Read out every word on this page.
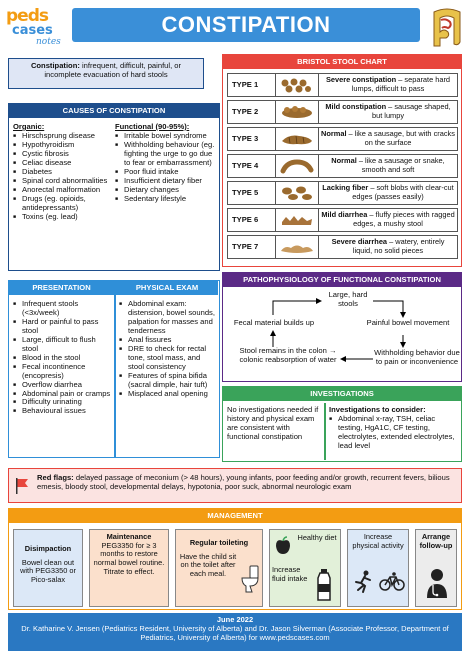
peds
cases
notes
CONSTIPATION
Constipation: infrequent, difficult, painful, or incomplete evacuation of hard stools
CAUSES OF CONSTIPATION
Organic:
■ Hirschsprung disease
■ Hypothyroidism
■ Cystic fibrosis
■ Celiac disease
■ Diabetes
■ Spinal cord abnormalities
■ Anorectal malformation
■ Drugs (eg. opioids, antidepressants)
■ Toxins (eg. lead)
Functional (90-95%):
■ Irritable bowel syndrome
■ Withholding behaviour (eg. fighting the urge to go due to fear or embarrassment)
■ Poor fluid intake
■ Insufficient dietary fiber
■ Dietary changes
■ Sedentary lifestyle
BRISTOL STOOL CHART
TYPE 1	Severe constipation – separate hard lumps, difficult to pass
TYPE 2	Mild constipation – sausage shaped, but lumpy
TYPE 3	Normal – like a sausage, but with cracks on the surface
TYPE 4	Normal – like a sausage or snake, smooth and soft
TYPE 5	Lacking fiber – soft blobs with clear-cut edges (passes easily)
TYPE 6	Mild diarrhea – fluffy pieces with ragged edges, a mushy stool
TYPE 7	Severe diarrhea – watery, entirely liquid, no solid pieces
PRESENTATION	PHYSICAL EXAM
■ Infrequent stools (<3x/week)
■ Hard or painful to pass stool
■ Large, difficult to flush stool
■ Blood in the stool
■ Fecal incontinence (encopresis)
■ Overflow diarrhea
■ Abdominal pain or cramps
■ Difficulty urinating
■ Behavioural issues
■ Abdominal exam: distension, bowel sounds, palpation for masses and tenderness
■ Anal fissures
■ DRE to check for rectal tone, stool mass, and stool consistency
■ Features of spina bifida (sacral dimple, hair tuft)
■ Misplaced anal opening
PATHOPHYSIOLOGY OF FUNCTIONAL CONSTIPATION
Large, hard stools
Painful bowel movement
Withholding behavior due to pain or inconvenience
Stool remains in the colon → colonic reabsorption of water
Fecal material builds up
INVESTIGATIONS
No investigations needed if history and physical exam are consistent with functional constipation
Investigations to consider:
■ Abdominal x-ray, TSH, celiac testing, HgA1C, CF testing, electrolytes, extended electrolytes, lead level
Red flags: delayed passage of meconium (> 48 hours), young infants, poor feeding and/or growth, recurrent fevers, bilious emesis, bloody stool, developmental delays, hypotonia, poor suck, abnormal neurologic exam
MANAGEMENT
Disimpaction
Bowel clean out with PEG3350 or Pico-salax
Maintenance
PEG3350 for ≥ 3 months to restore normal bowel routine. Titrate to effect.
Regular toileting
Have the child sit on the toilet after each meal.
Healthy diet
Increase fluid intake
Increase physical activity
Arrange follow-up
June 2022
Dr. Katharine V. Jensen (Pediatrics Resident, University of Alberta) and Dr. Jason Silverman (Associate Professor, Department of Pediatrics, University of Alberta) for www.pedscases.com
